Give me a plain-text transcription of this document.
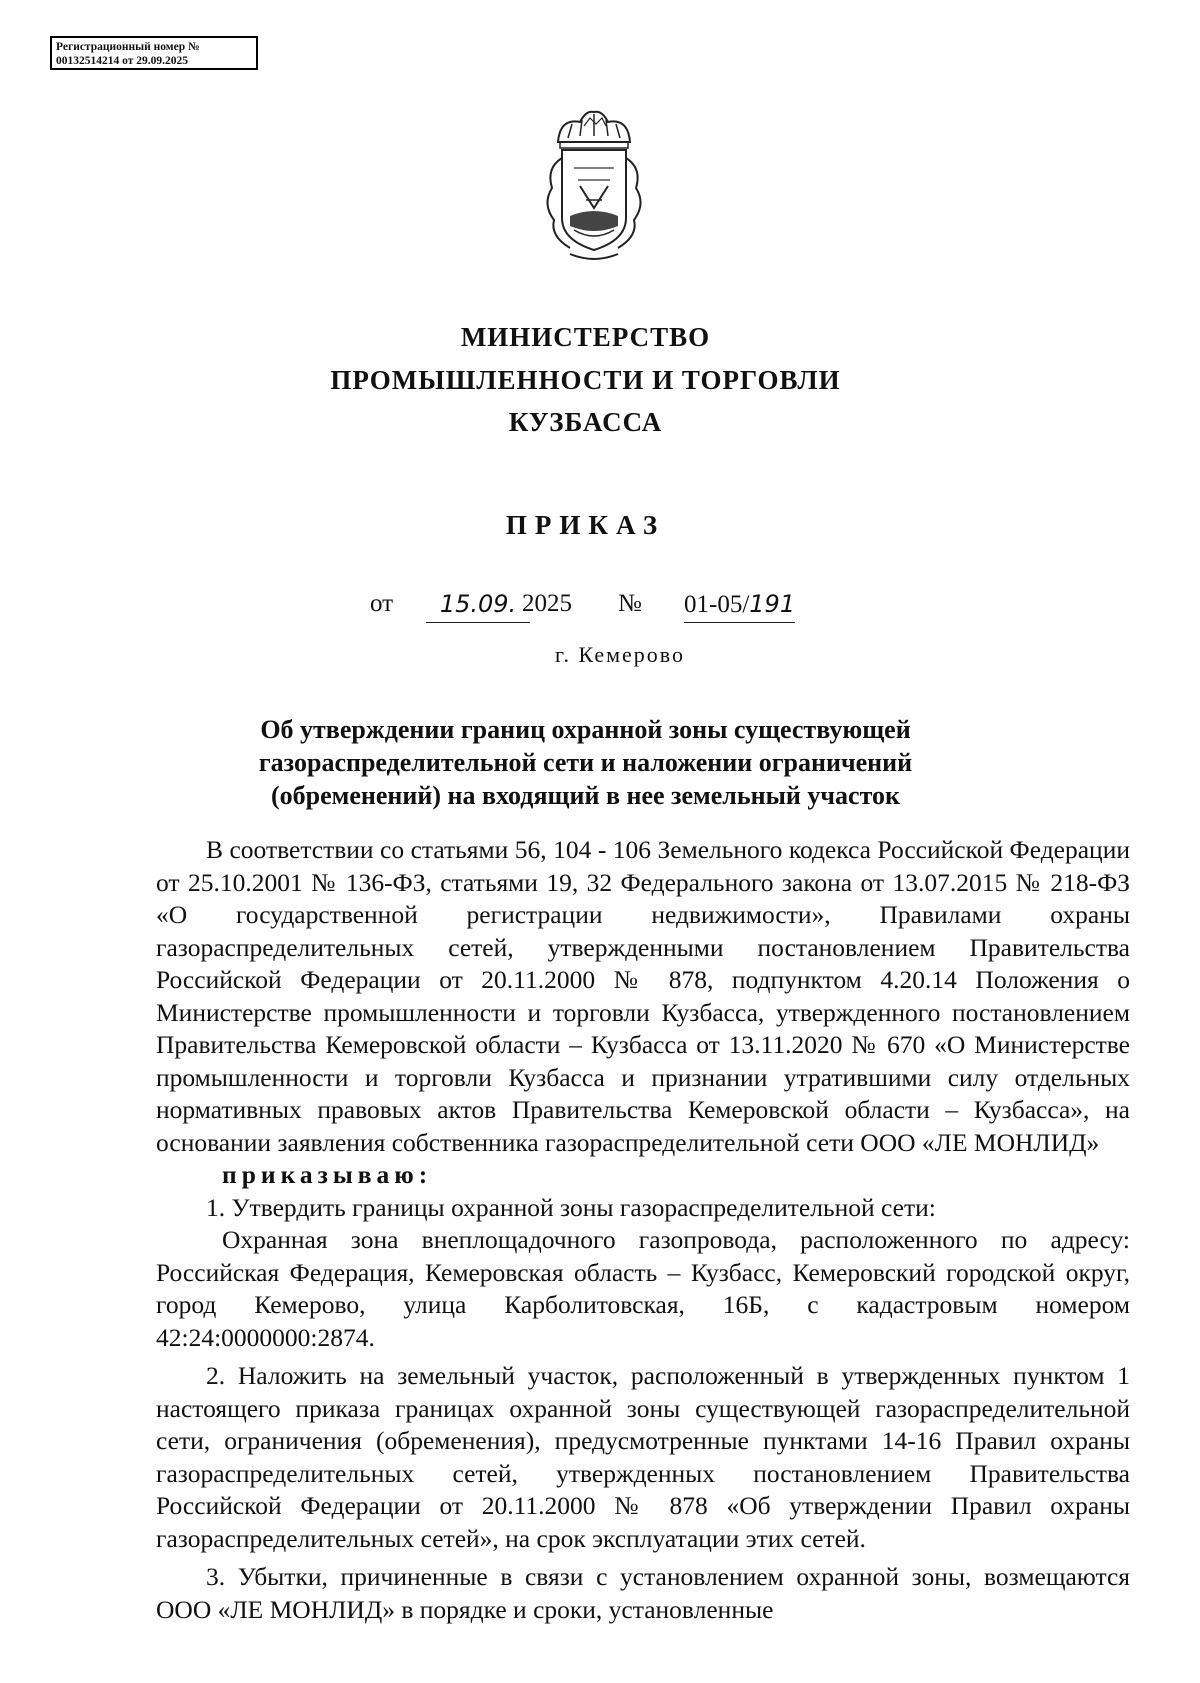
Регистрационный номер №
00132514214 от 29.09.2025
МИНИСТЕРСТВО
ПРОМЫШЛЕННОСТИ И ТОРГОВЛИ
КУЗБАССА
ПРИКАЗ
от	15.09. 2025 № 01-05/191
г. Кемерово
Об утверждении границ охранной зоны существующей
газораспределительной сети и наложении ограничений
(обременений) на входящий в нее земельный участок

В соответствии со статьями 56, 104 - 106 Земельного кодекса Российской Федерации от 25.10.2001 № 136-ФЗ, статьями 19, 32 Федерального закона от 13.07.2015 № 218-ФЗ «О государственной регистрации недвижимости», Правилами охраны газораспределительных сетей, утвержденными постановлением Правительства Российской Федерации от 20.11.2000 № 878, подпунктом 4.20.14 Положения о Министерстве промышленности и торговли Кузбасса, утвержденного постановлением Правительства Кемеровской области – Кузбасса от 13.11.2020 № 670 «О Министерстве промышленности и торговли Кузбасса и признании утратившими силу отдельных нормативных правовых актов Правительства Кемеровской области – Кузбасса», на основании заявления собственника газораспределительной сети ООО «ЛЕ МОНЛИД»

приказываю:

1. Утвердить границы охранной зоны газораспределительной сети:

Охранная зона внеплощадочного газопровода, расположенного по адресу: Российская Федерация, Кемеровская область – Кузбасс, Кемеровский городской округ, город Кемерово, улица Карболитовская, 16Б, с кадастровым номером 42:24:0000000:2874.

2. Наложить на земельный участок, расположенный в утвержденных пунктом 1 настоящего приказа границах охранной зоны существующей газораспределительной сети, ограничения (обременения), предусмотренные пунктами 14-16 Правил охраны газораспределительных сетей, утвержденных постановлением Правительства Российской Федерации от 20.11.2000 № 878 «Об утверждении Правил охраны газораспределительных сетей», на срок эксплуатации этих сетей.

3. Убытки, причиненные в связи с установлением охранной зоны, возмещаются ООО «ЛЕ МОНЛИД» в порядке и сроки, установленные
